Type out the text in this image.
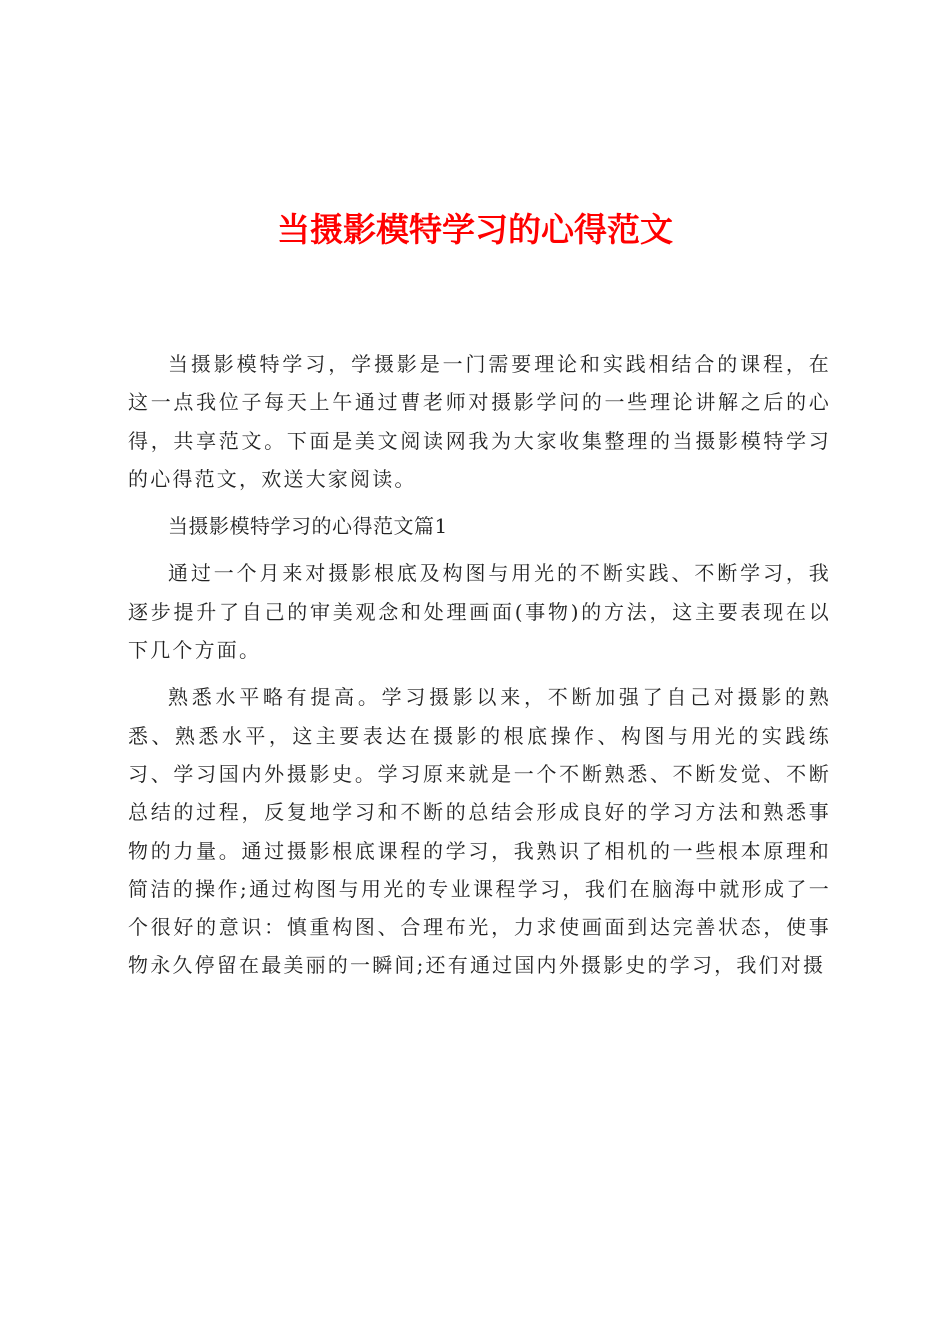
当摄影模特学习的心得范文

当摄影模特学习，学摄影是一门需要理论和实践相结合的课程，在这一点我位子每天上午通过曹老师对摄影学问的一些理论讲解之后的心得，共享范文。下面是美文阅读网我为大家收集整理的当摄影模特学习的心得范文，欢送大家阅读。

当摄影模特学习的心得范文篇1

通过一个月来对摄影根底及构图与用光的不断实践、不断学习，我逐步提升了自己的审美观念和处理画面(事物)的方法，这主要表现在以下几个方面。

熟悉水平略有提高。学习摄影以来，不断加强了自己对摄影的熟悉、熟悉水平，这主要表达在摄影的根底操作、构图与用光的实践练习、学习国内外摄影史。学习原来就是一个不断熟悉、不断发觉、不断总结的过程，反复地学习和不断的总结会形成良好的学习方法和熟悉事物的力量。通过摄影根底课程的学习，我熟识了相机的一些根本原理和简洁的操作;通过构图与用光的专业课程学习，我们在脑海中就形成了一个很好的意识：慎重构图、合理布光，力求使画面到达完善状态，使事物永久停留在最美丽的一瞬间;还有通过国内外摄影史的学习，我们对摄
